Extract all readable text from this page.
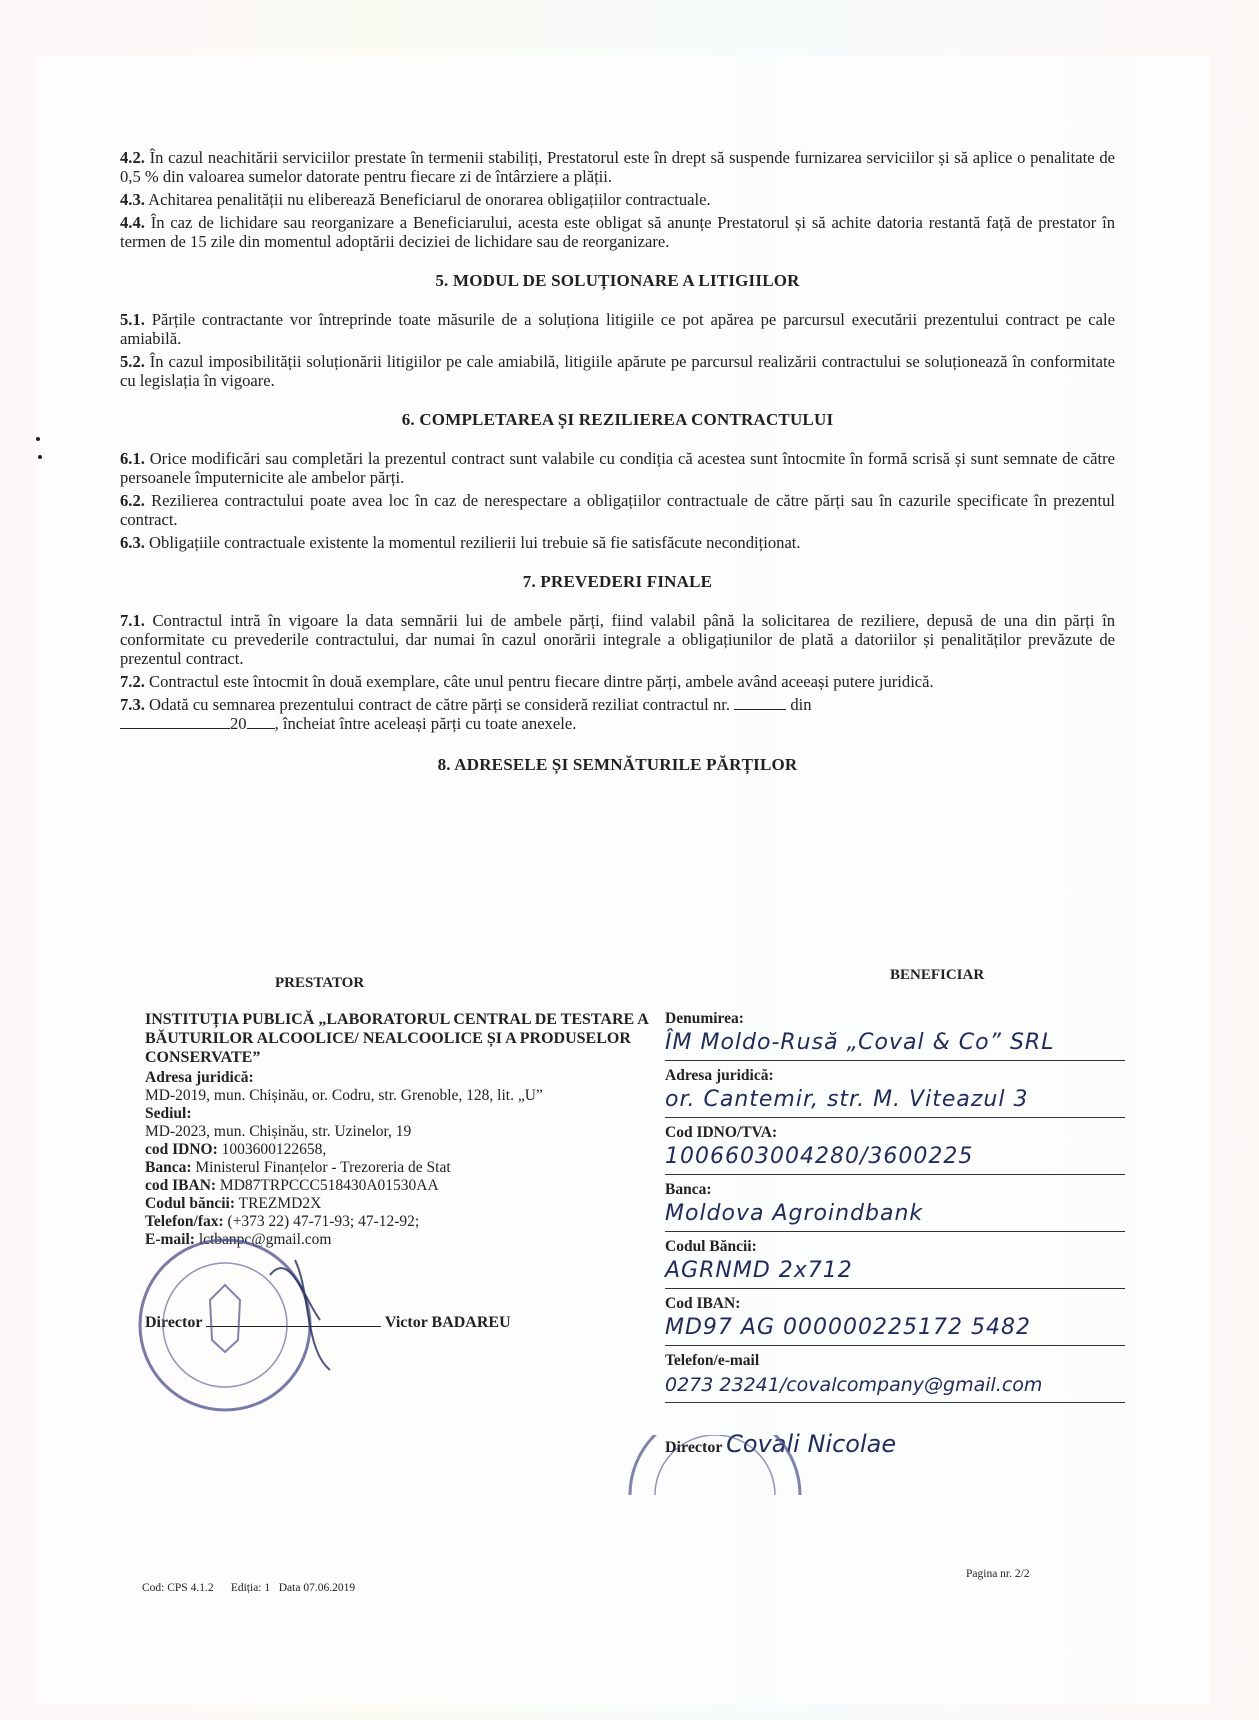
4.2. În cazul neachitării serviciilor prestate în termenii stabiliți, Prestatorul este în drept să suspende furnizarea serviciilor și să aplice o penalitate de 0,5 % din valoarea sumelor datorate pentru fiecare zi de întârziere a plății.

4.3. Achitarea penalității nu eliberează Beneficiarul de onorarea obligațiilor contractuale.

4.4. În caz de lichidare sau reorganizare a Beneficiarului, acesta este obligat să anunțe Prestatorul și să achite datoria restantă față de prestator în termen de 15 zile din momentul adoptării deciziei de lichidare sau de reorganizare.

5. MODUL DE SOLUȚIONARE A LITIGIILOR

5.1. Părțile contractante vor întreprinde toate măsurile de a soluționa litigiile ce pot apărea pe parcursul executării prezentului contract pe cale amiabilă.

5.2. În cazul imposibilității soluționării litigiilor pe cale amiabilă, litigiile apărute pe parcursul realizării contractului se soluționează în conformitate cu legislația în vigoare.

6. COMPLETAREA ȘI REZILIEREA CONTRACTULUI

6.1. Orice modificări sau completări la prezentul contract sunt valabile cu condiția că acestea sunt întocmite în formă scrisă și sunt semnate de către persoanele împuternicite ale ambelor părți.

6.2. Rezilierea contractului poate avea loc în caz de nerespectare a obligațiilor contractuale de către părți sau în cazurile specificate în prezentul contract.

6.3. Obligațiile contractuale existente la momentul rezilierii lui trebuie să fie satisfăcute necondiționat.

7. PREVEDERI FINALE

7.1. Contractul intră în vigoare la data semnării lui de ambele părți, fiind valabil până la solicitarea de reziliere, depusă de una din părți în conformitate cu prevederile contractului, dar numai în cazul onorării integrale a obligațiunilor de plată a datoriilor și penalităților prevăzute de prezentul contract.

7.2. Contractul este întocmit în două exemplare, câte unul pentru fiecare dintre părți, ambele având aceeași putere juridică.

7.3. Odată cu semnarea prezentului contract de către părți se consideră reziliat contractul nr.	din
20 , încheiat între aceleași părți cu toate anexele.

8. ADRESELE ȘI SEMNĂTURILE PĂRȚILOR
PRESTATOR	BENEFICIAR
INSTITUȚIA PUBLICĂ „LABORATORUL CENTRAL DE TESTARE A BĂUTURILOR ALCOOLICE/ NEALCOOLICE ȘI A PRODUSELOR CONSERVATE”
Adresa juridică:
MD-2019, mun. Chișinău, or. Codru, str. Grenoble, 128, lit. „U”
Sediul:
MD-2023, mun. Chișinău, str. Uzinelor, 19
cod IDNO: 1003600122658,
Banca: Ministerul Finanțelor - Trezoreria de Stat
cod IBAN: MD87TRPCCC518430A01530AA
Codul băncii: TREZMD2X
Telefon/fax: (+373 22) 47-71-93; 47-12-92;
E-mail: lctbanpc@gmail.com
Director	Victor BADAREU
Denumirea:
ÎM Moldo-Rusă „Coval & Co” SRL
Adresa juridică:
or. Cantemir, str. M. Viteazul 3
Cod IDNO/TVA:
1006603004280/3600225
Banca:
Moldova Agroindbank
Codul Băncii:
AGRNMD 2x712
Cod IBAN:
MD97 AG 000000225172 5482
Telefon/e-mail
0273 23241/covalcompany@gmail.com
Director Covali Nicolae
Cod: CPS 4.1.2 Ediția: 1 Data 07.06.2019
Pagina nr. 2/2
